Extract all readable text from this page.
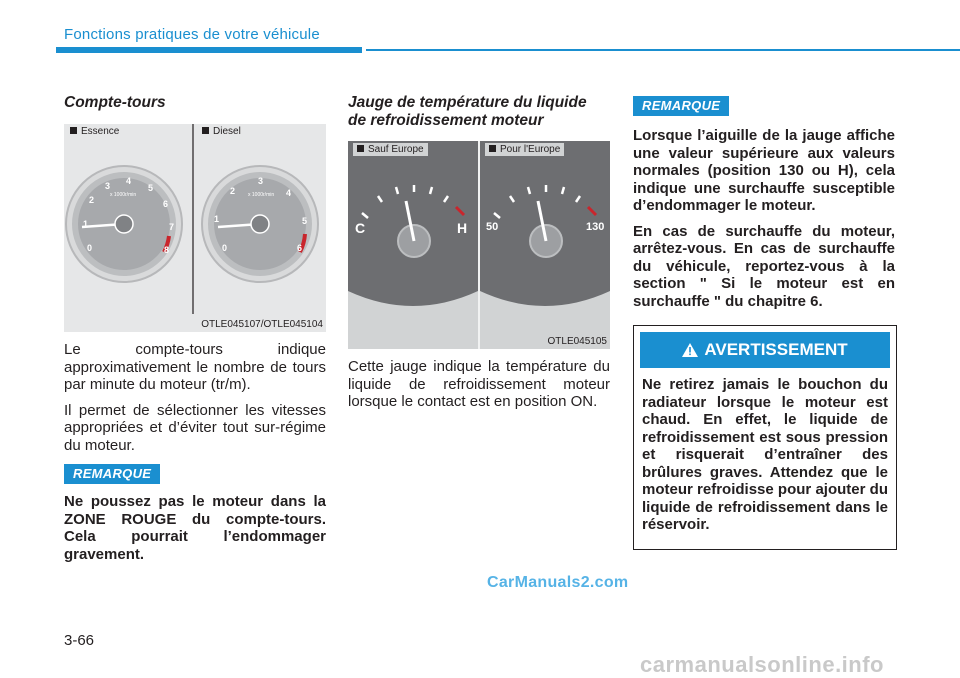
Fonctions pratiques de votre véhicule
Compte-tours
0
1
2
3 4
5
6
7
8
x 1000r/min
0
1
2
3
4
5
6
x 1000r/min
Essence	Diesel
OTLE045107/OTLE045104

Le compte-tours indique approximativement le nombre de tours par minute du moteur (tr/m).

Il permet de sélectionner les vitesses appropriées et d’éviter tout sur-régime du moteur.

REMARQUE

Ne poussez pas le moteur dans la ZONE ROUGE du compte-tours. Cela pourrait l’endommager gravement.

Jauge de température du liquide
de refroidissement moteur
C	H 50	130
Sauf Europe	Pour l'Europe
OTLE045105

Cette jauge indique la température du liquide de refroidissement moteur lorsque le contact est en position ON.

REMARQUE

Lorsque l’aiguille de la jauge affiche une valeur supérieure aux valeurs normales (position 130 ou H), cela indique une surchauffe susceptible d’endommager le moteur.

En cas de surchauffe du moteur, arrêtez-vous. En cas de surchauffe du véhicule, reportez-vous à la section " Si le moteur est en surchauffe " du chapitre 6.

AVERTISSEMENT
Ne retirez jamais le bouchon du radiateur lorsque le moteur est chaud. En effet, le liquide de refroidissement est sous pression et risquerait d’entraîner des brûlures graves. Attendez que le moteur refroidisse pour ajouter du liquide de refroidissement dans le réservoir.
CarManuals2.com
3-66
carmanualsonline.info
